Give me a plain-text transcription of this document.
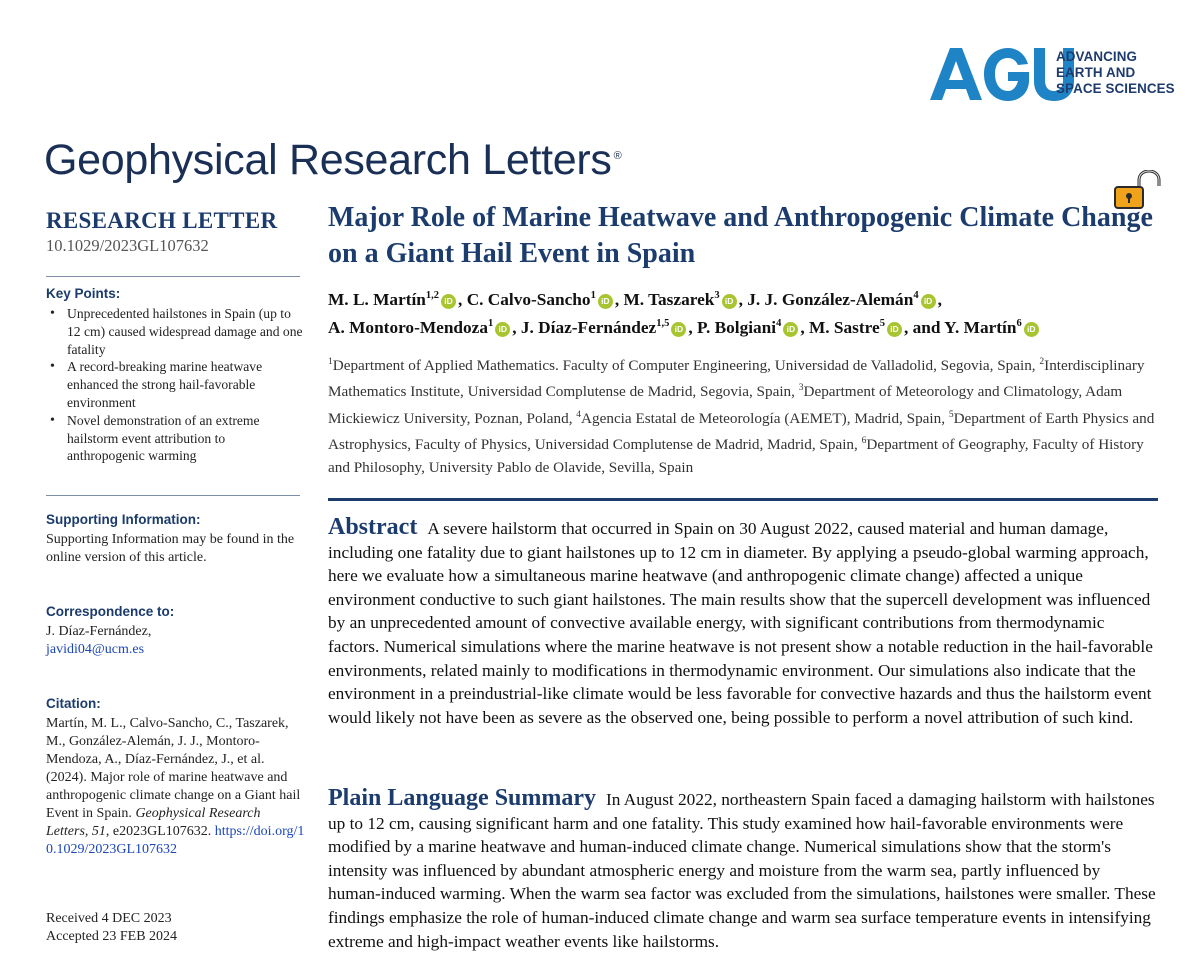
ADVANCING
EARTH AND
SPACE SCIENCES
Geophysical Research Letters ®
RESEARCH LETTER
10.1029/2023GL107632
Key Points:
• Unprecedented hailstones in Spain (up to 12 cm) caused widespread damage and one fatality
• A record-breaking marine heatwave enhanced the strong hail-favorable environment
• Novel demonstration of an extreme hailstorm event attribution to anthropogenic warming
Supporting Information:
Supporting Information may be found in the online version of this article.
Correspondence to:
J. Díaz-Fernández,
javidi04@ucm.es
Citation:
Martín, M. L., Calvo-Sancho, C., Taszarek, M., González-Alemán, J. J., Montoro-Mendoza, A., Díaz-Fernández, J., et al. (2024). Major role of marine heatwave and anthropogenic climate change on a Giant hail Event in Spain. Geophysical Research Letters, 51, e2023GL107632. https://doi.org/10.1029/2023GL107632
Received 4 DEC 2023
Accepted 23 FEB 2024
Major Role of Marine Heatwave and Anthropogenic Climate Change on a Giant Hail Event in Spain
M. L. Martín$^{1,2}$ iD , C. Calvo-Sancho$^1$ iD , M. Taszarek$^3$ iD , J. J. González-Alemán$^4$ iD ,
A. Montoro-Mendoza$^1$ iD , J. Díaz-Fernández$^{1,5}$ iD , P. Bolgiani$^4$ iD , M. Sastre$^5$ iD , and Y. Martín$^6$ iD
$^1$Department of Applied Mathematics. Faculty of Computer Engineering, Universidad de Valladolid, Segovia, Spain, $^2$Interdisciplinary Mathematics Institute, Universidad Complutense de Madrid, Segovia, Spain, $^3$Department of Meteorology and Climatology, Adam Mickiewicz University, Poznan, Poland, $^4$Agencia Estatal de Meteorología (AEMET), Madrid, Spain, $^5$Department of Earth Physics and Astrophysics, Faculty of Physics, Universidad Complutense de Madrid, Madrid, Spain, $^6$Department of Geography, Faculty of History and Philosophy, University Pablo de Olavide, Sevilla, Spain
Abstract A severe hailstorm that occurred in Spain on 30 August 2022, caused material and human damage, including one fatality due to giant hailstones up to 12 cm in diameter. By applying a pseudo-global warming approach, here we evaluate how a simultaneous marine heatwave (and anthropogenic climate change) affected a unique environment conductive to such giant hailstones. The main results show that the supercell development was influenced by an unprecedented amount of convective available energy, with significant contributions from thermodynamic factors. Numerical simulations where the marine heatwave is not present show a notable reduction in the hail-favorable environments, related mainly to modifications in thermodynamic environment. Our simulations also indicate that the environment in a preindustrial-like climate would be less favorable for convective hazards and thus the hailstorm event would likely not have been as severe as the observed one, being possible to perform a novel attribution of such kind.
Plain Language Summary In August 2022, northeastern Spain faced a damaging hailstorm with hailstones up to 12 cm, causing significant harm and one fatality. This study examined how hail-favorable environments were modified by a marine heatwave and human-induced climate change. Numerical simulations show that the storm's intensity was influenced by abundant atmospheric energy and moisture from the warm sea, partly influenced by human-induced warming. When the warm sea factor was excluded from the simulations, hailstones were smaller. These findings emphasize the role of human-induced climate change and warm sea surface temperature events in intensifying extreme and high-impact weather events like hailstorms.
